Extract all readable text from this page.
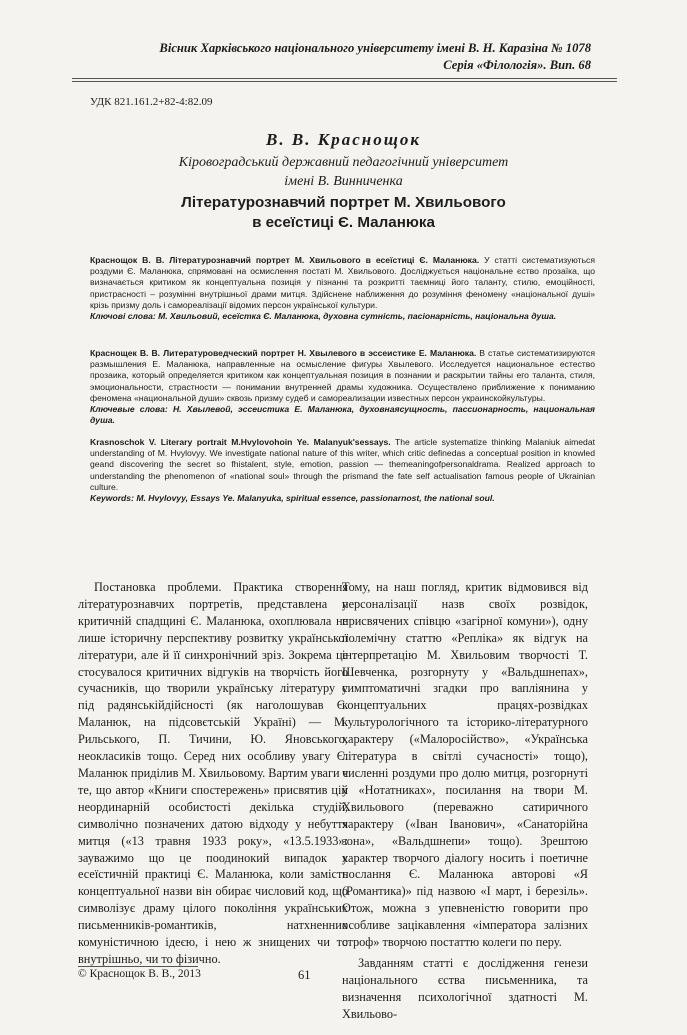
Вісник Харківського національного університету імені В. Н. Каразіна № 1078
Серія «Філологія». Вип. 68
УДК 821.161.2+82-4:82.09
В. В. Краснощок
Кіровоградський державний педагогічний університет
імені В. Винниченка
Літературознавчий портрет М. Хвильового
в есеїстиці Є. Маланюка
Краснощок В. В. Літературознавчий портрет М. Хвильового в есеїстиці Є. Маланюка. У статті систематизуються роздуми Є. Маланюка, спрямовані на осмислення постаті М. Хвильового. Досліджується національне єство прозаїка, що визначається критиком як концептуальна позиція у пізнанні та розкритті таємниці його таланту, стилю, емоційності, пристрасності – розумінні внутрішньої драми митця. Здійснене наближення до розуміння феномену «національної душі» крізь призму доль і самореалізації відомих персон української культури.
Ключові слова: М. Хвильовий, есеїстка Є. Маланюка, духовна сутність, пасіонарність, національна душа.
Краснощек В. В. Литературоведческий портрет Н. Хвылевого в эссеистике Е. Маланюка. В статье систематизируются размышления Е. Маланюка, направленные на осмысление фигуры Хвылевого. Исследуется национальное естество прозаика, который определяется критиком как концептуальная позиция в познании и раскрытии тайны его таланта, стиля, эмоциональности, страстности — понимании внутренней драмы художника. Осуществлено приближение к пониманию феномена «национальной души» сквозь призму судеб и самореализации известных персон украинскойкультуры.
Ключевые слова: Н. Хвылевой, эссеистика Е. Маланюка, духовнаясущность, пассионарность, национальная душа.
Krasnoschok V. Literary portrait M.Hvylovohoin Ye. Malanyuk'sessays. The article systematize thinking Malaniuk aimedat understanding of M. Hvylovyy. We investigate national nature of this writer, which critic definedas a conceptual position in knowled geand discovering the secret so fhistalent, style, emotion, passion — themeaningofpersonaldrama. Realized approach to understanding the phenomenon of «national soul» through the prismand the fate self actualisation famous people of Ukrainian culture.
Keywords: M. Hvylovyy, Essays Ye. Malanyuka, spiritual essence, passionarnost, the national soul.

Постановка проблеми. Практика створення літературознавчих портретів, представлена у критичній спадщині Є. Маланюка, охоплювала не лише історичну перспективу розвитку української літератури, але й її синхронічний зріз. Зокрема це стосувалося критичних відгуків на творчість його сучасників, що творили українську літературу у під радянськійдійсності (як наголошував Є. Маланюк, на підсовєтській Україні) — М. Рильського, П. Тичини, Ю. Яновського, неокласиків тощо. Серед них особливу увагу Є. Маланюк приділив М. Хвильовому. Вартим уваги є те, що автор «Книги спостережень» присвятив цій неординарній особистості декілька студій, символічно позначених датою відходу у небуття митця («13 травня 1933 року», «13.5.1933»: зауважимо що це поодинокий випадок у есеїстичній практиці Є. Маланюка, коли замість концептуальної назви він обирає числовий код, що символізує драму цілого покоління українських письменників-романтиків, натхненних комуністичною ідеєю, і нею ж знищених чи то внутрішньо, чи то фізично.

Тому, на наш погляд, критик відмовився від персоналізації назв своїх розвідок, присвячених співцю «загірної комуни»), одну полемічну статтю «Репліка» як відгук на інтерпретацію М. Хвильовим творчості Т. Шевченка, розгорнуту у «Вальдшнепах», симптоматичні згадки про вапліянина у концептуальних працях-розвідках культурологічного та історико-літературного характеру («Малоросійство», «Українська література в світлі сучасності» тощо), численні роздуми про долю митця, розгорнуті у «Нотатниках», посилання на твори М. Хвильового (переважно сатиричного характеру («Іван Іванович», «Санаторійна зона», «Вальдшнепи» тощо). Зрештою характер творчого діалогу носить і поетичне послання Є. Маланюка авторові «Я (Романтика)» під назвою «І март, і березіль». Отож, можна з упевненістю говорити про особливе зацікавлення «імператора залізних строф» творчою постаттю колеги по перу.

Завданням статті є дослідження генези національного єства письменника, та визначення психологічної здатності М. Хвильово-

© Краснощок В. В., 2013	61
